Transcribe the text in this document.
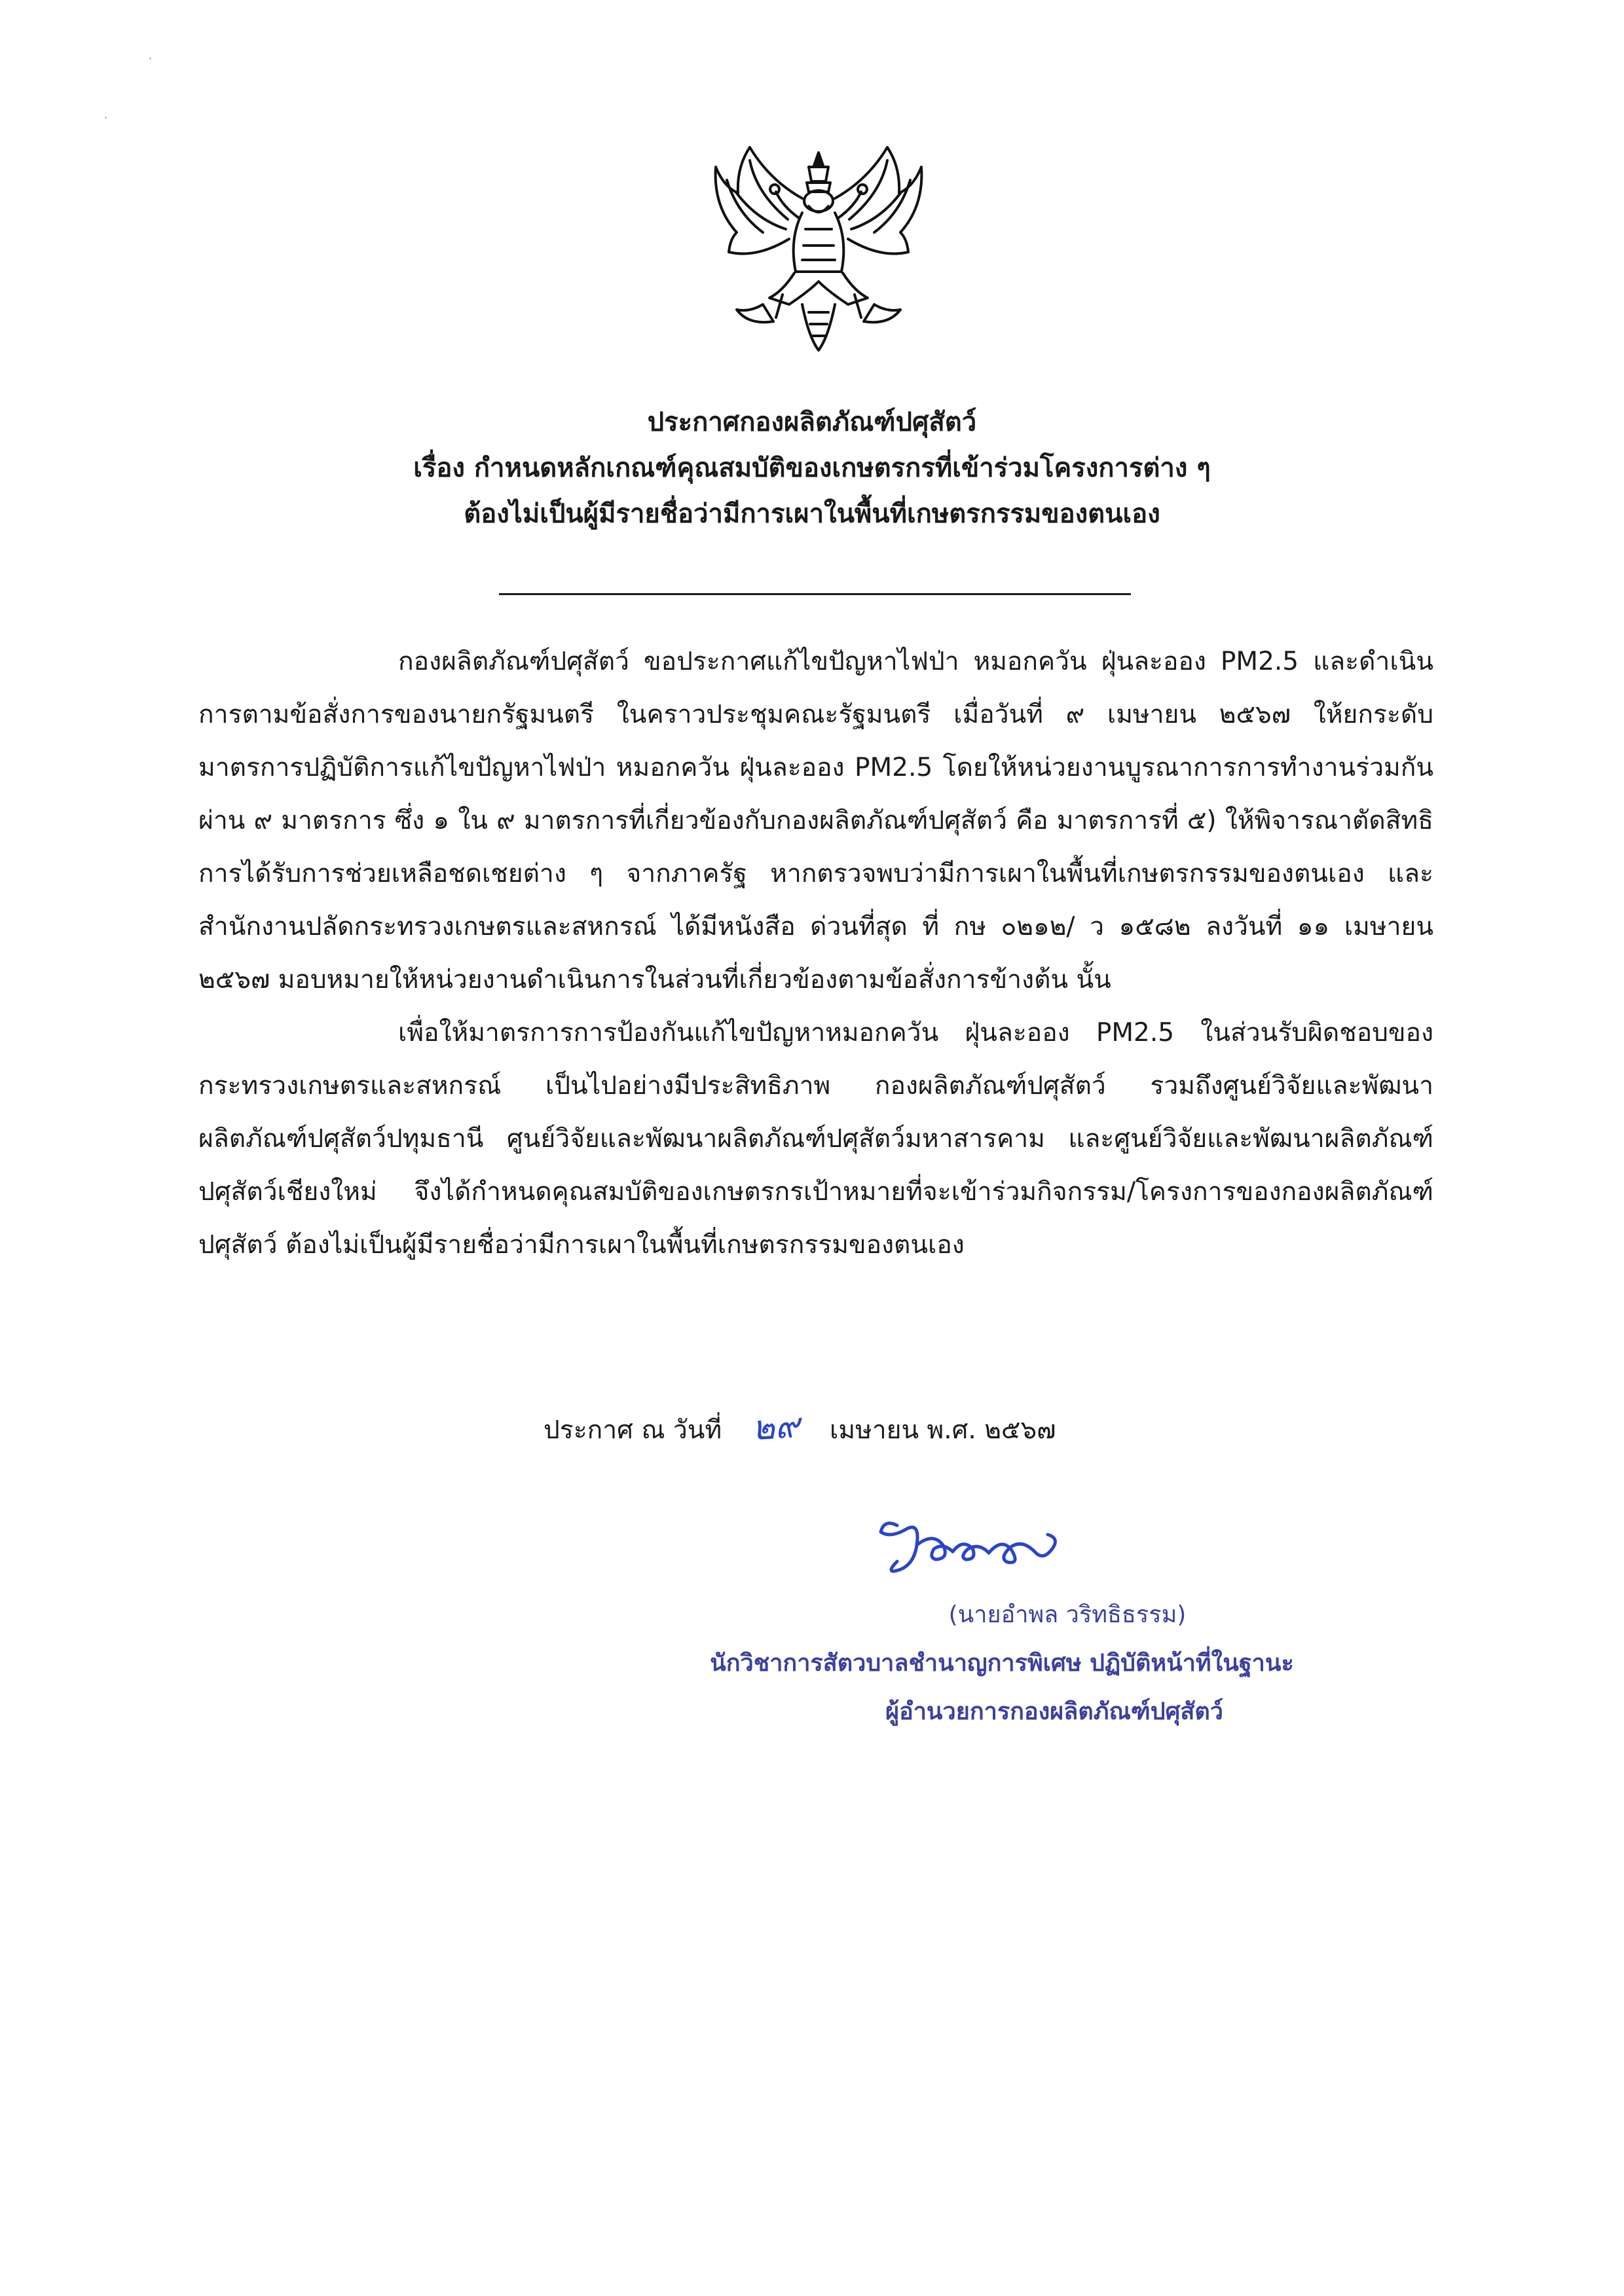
ประกาศกองผลิตภัณฑ์ปศุสัตว์
เรื่อง กำหนดหลักเกณฑ์คุณสมบัติของเกษตรกรที่เข้าร่วมโครงการต่าง ๆ
ต้องไม่เป็นผู้มีรายชื่อว่ามีการเผาในพื้นที่เกษตรกรรมของตนเอง

กองผลิตภัณฑ์ปศุสัตว์ ขอประกาศแก้ไขปัญหาไฟป่า หมอกควัน ฝุ่นละออง PM2.5 และดำเนินการตามข้อสั่งการของนายกรัฐมนตรี ในคราวประชุมคณะรัฐมนตรี เมื่อวันที่ ๙ เมษายน ๒๕๖๗ ให้ยกระดับมาตรการปฏิบัติการแก้ไขปัญหาไฟป่า หมอกควัน ฝุ่นละออง PM2.5 โดยให้หน่วยงานบูรณาการการทำงานร่วมกันผ่าน ๙ มาตรการ ซึ่ง ๑ ใน ๙ มาตรการที่เกี่ยวข้องกับกองผลิตภัณฑ์ปศุสัตว์ คือ มาตรการที่ ๕) ให้พิจารณาตัดสิทธิการได้รับการช่วยเหลือชดเชยต่าง ๆ จากภาครัฐ หากตรวจพบว่ามีการเผาในพื้นที่เกษตรกรรมของตนเอง และสำนักงานปลัดกระทรวงเกษตรและสหกรณ์ ได้มีหนังสือ ด่วนที่สุด ที่ กษ ๐๒๑๒/ ว ๑๕๘๒ ลงวันที่ ๑๑ เมษายน ๒๕๖๗ มอบหมายให้หน่วยงานดำเนินการในส่วนที่เกี่ยวข้องตามข้อสั่งการข้างต้น นั้น

เพื่อให้มาตรการการป้องกันแก้ไขปัญหาหมอกควัน ฝุ่นละออง PM2.5 ในส่วนรับผิดชอบของกระทรวงเกษตรและสหกรณ์ เป็นไปอย่างมีประสิทธิภาพ กองผลิตภัณฑ์ปศุสัตว์ รวมถึงศูนย์วิจัยและพัฒนาผลิตภัณฑ์ปศุสัตว์ปทุมธานี ศูนย์วิจัยและพัฒนาผลิตภัณฑ์ปศุสัตว์มหาสารคาม และศูนย์วิจัยและพัฒนาผลิตภัณฑ์ปศุสัตว์เชียงใหม่ จึงได้กำหนดคุณสมบัติของเกษตรกรเป้าหมายที่จะเข้าร่วมกิจกรรม/โครงการของกองผลิตภัณฑ์ปศุสัตว์ ต้องไม่เป็นผู้มีรายชื่อว่ามีการเผาในพื้นที่เกษตรกรรมของตนเอง

ประกาศ ณ วันที่ ๒๙ เมษายน พ.ศ. ๒๕๖๗
(นายอำพล วริทธิธรรม)
นักวิชาการสัตวบาลชำนาญการพิเศษ ปฏิบัติหน้าที่ในฐานะ
ผู้อำนวยการกองผลิตภัณฑ์ปศุสัตว์
